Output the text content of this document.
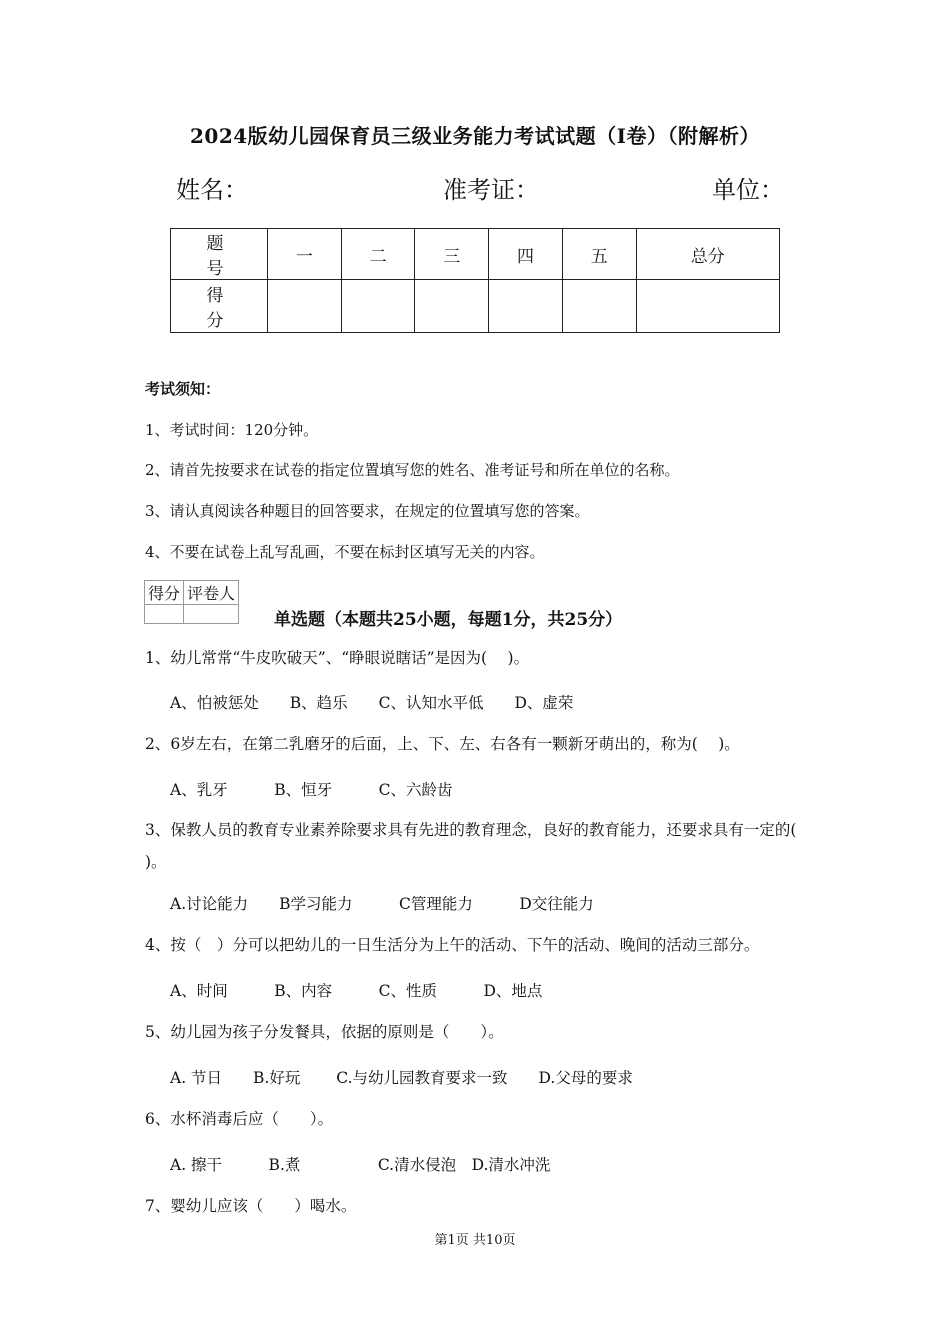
2024版幼儿园保育员三级业务能力考试试题（I卷）（附解析）
姓名：	准考证：	单位：
题　号	一	二	三	四	五	总分
得　分						
考试须知：
1、考试时间：120分钟。
2、请首先按要求在试卷的指定位置填写您的姓名、准考证号和所在单位的名称。
3、请认真阅读各种题目的回答要求，在规定的位置填写您的答案。
4、不要在试卷上乱写乱画，不要在标封区填写无关的内容。
得分	评卷人

单选题（本题共25小题，每题1分，共25分）
1、幼儿常常“牛皮吹破天”、“睁眼说瞎话”是因为(　 )。
A、怕被惩处　　B、趋乐　　C、认知水平低　　D、虚荣
2、6岁左右，在第二乳磨牙的后面，上、下、左、右各有一颗新牙萌出的，称为(　 )。
A、乳牙　　　B、恒牙　　　C、六龄齿
3、保教人员的教育专业素养除要求具有先进的教育理念，良好的教育能力，还要求具有一定的(　 )。
A.讨论能力　　B学习能力　　　C管理能力　　　D交往能力
4、按（　）分可以把幼儿的一日生活分为上午的活动、下午的活动、晚间的活动三部分。
A、时间　　　B、内容　　　C、性质　　　D、地点
5、幼儿园为孩子分发餐具，依据的原则是（　　）。
A. 节日　　B.好玩　　 C.与幼儿园教育要求一致　　D.父母的要求
6、水杯消毒后应（　　）。
A. 擦干　　　B.煮　　　　　C.清水侵泡　D.清水冲洗
7、婴幼儿应该（　　）喝水。
第1页 共10页
